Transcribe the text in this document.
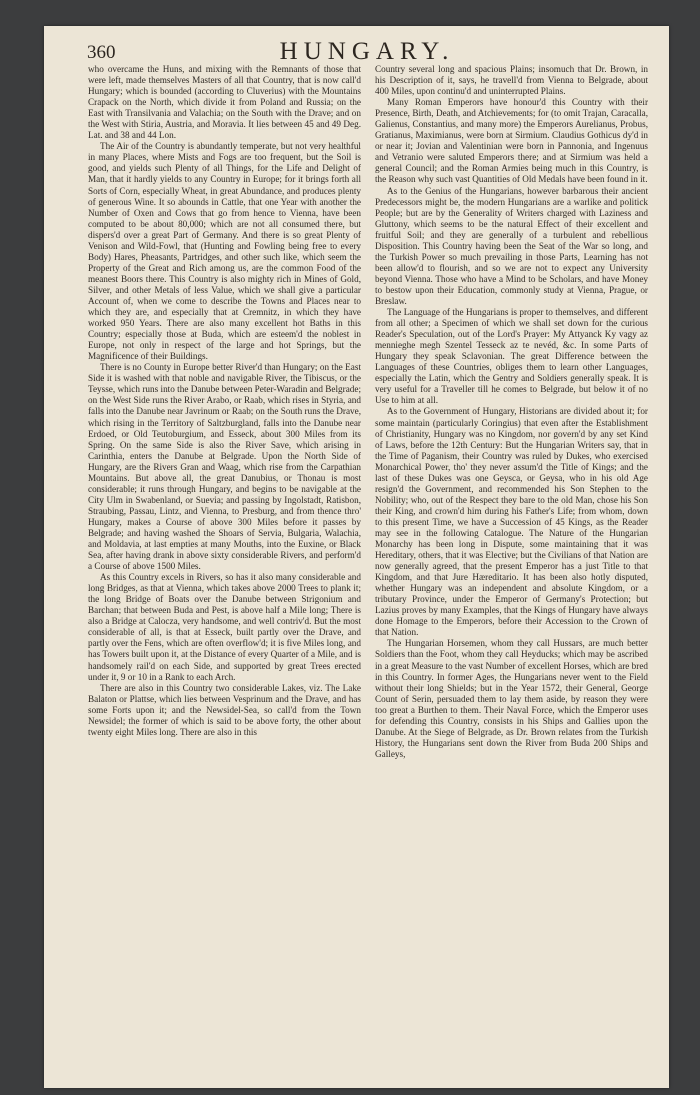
360	HUNGARY.

who overcame the Huns, and mixing with the Remnants of those that were left, made themselves Masters of all that Country, that is now call'd Hungary; which is bounded (according to Cluverius) with the Mountains Crapack on the North, which divide it from Poland and Russia; on the East with Transilvania and Valachia; on the South with the Drave; and on the West with Stiria, Austria, and Moravia. It lies between 45 and 49 Deg. Lat. and 38 and 44 Lon.

The Air of the Country is abundantly temperate, but not very healthful in many Places, where Mists and Fogs are too frequent, but the Soil is good, and yields such Plenty of all Things, for the Life and Delight of Man, that it hardly yields to any Country in Europe; for it brings forth all Sorts of Corn, especially Wheat, in great Abundance, and produces plenty of generous Wine. It so abounds in Cattle, that one Year with another the Number of Oxen and Cows that go from hence to Vienna, have been computed to be about 80,000; which are not all consumed there, but dispers'd over a great Part of Germany. And there is so great Plenty of Venison and Wild-Fowl, that (Hunting and Fowling being free to every Body) Hares, Pheasants, Partridges, and other such like, which seem the Property of the Great and Rich among us, are the common Food of the meanest Boors there. This Country is also mighty rich in Mines of Gold, Silver, and other Metals of less Value, which we shall give a particular Account of, when we come to describe the Towns and Places near to which they are, and especially that at Cremnitz, in which they have worked 950 Years. There are also many excellent hot Baths in this Country; especially those at Buda, which are esteem'd the noblest in Europe, not only in respect of the large and hot Springs, but the Magnificence of their Buildings.

There is no County in Europe better River'd than Hungary; on the East Side it is washed with that noble and navigable River, the Tibiscus, or the Teysse, which runs into the Danube between Peter-Waradin and Belgrade; on the West Side runs the River Arabo, or Raab, which rises in Styria, and falls into the Danube near Javrinum or Raab; on the South runs the Drave, which rising in the Territory of Saltzburgland, falls into the Danube near Erdoed, or Old Teutoburgium, and Esseck, about 300 Miles from its Spring. On the same Side is also the River Save, which arising in Carinthia, enters the Danube at Belgrade. Upon the North Side of Hungary, are the Rivers Gran and Waag, which rise from the Carpathian Mountains. But above all, the great Danubius, or Thonau is most considerable; it runs through Hungary, and begins to be navigable at the City Ulm in Swabenland, or Suevia; and passing by Ingolstadt, Ratisbon, Straubing, Passau, Lintz, and Vienna, to Presburg, and from thence thro' Hungary, makes a Course of above 300 Miles before it passes by Belgrade; and having washed the Shoars of Servia, Bulgaria, Walachia, and Moldavia, at last empties at many Mouths, into the Euxine, or Black Sea, after having drank in above sixty considerable Rivers, and perform'd a Course of above 1500 Miles.

As this Country excels in Rivers, so has it also many considerable and long Bridges, as that at Vienna, which takes above 2000 Trees to plank it; the long Bridge of Boats over the Danube between Strigonium and Barchan; that between Buda and Pest, is above half a Mile long; There is also a Bridge at Calocza, very handsome, and well contriv'd. But the most considerable of all, is that at Esseck, built partly over the Drave, and partly over the Fens, which are often overflow'd; it is five Miles long, and has Towers built upon it, at the Distance of every Quarter of a Mile, and is handsomely rail'd on each Side, and supported by great Trees erected under it, 9 or 10 in a Rank to each Arch.

There are also in this Country two considerable Lakes, viz. The Lake Balaton or Plattse, which lies between Vesprinum and the Drave, and has some Forts upon it; and the Newsidel-Sea, so call'd from the Town Newsidel; the former of which is said to be above forty, the other about twenty eight Miles long. There are also in this

Country several long and spacious Plains; insomuch that Dr. Brown, in his Description of it, says, he travell'd from Vienna to Belgrade, about 400 Miles, upon continu'd and uninterrupted Plains.

Many Roman Emperors have honour'd this Country with their Presence, Birth, Death, and Atchievements; for (to omit Trajan, Caracalla, Galienus, Constantius, and many more) the Emperors Aurelianus, Probus, Gratianus, Maximianus, were born at Sirmium. Claudius Gothicus dy'd in or near it; Jovian and Valentinian were born in Pannonia, and Ingenuus and Vetranio were saluted Emperors there; and at Sirmium was held a general Council; and the Roman Armies being much in this Country, is the Reason why such vast Quantities of Old Medals have been found in it.

As to the Genius of the Hungarians, however barbarous their ancient Predecessors might be, the modern Hungarians are a warlike and politick People; but are by the Generality of Writers charged with Laziness and Gluttony, which seems to be the natural Effect of their excellent and fruitful Soil; and they are generally of a turbulent and rebellious Disposition. This Country having been the Seat of the War so long, and the Turkish Power so much prevailing in those Parts, Learning has not been allow'd to flourish, and so we are not to expect any University beyond Vienna. Those who have a Mind to be Scholars, and have Money to bestow upon their Education, commonly study at Vienna, Prague, or Breslaw.

The Language of the Hungarians is proper to themselves, and different from all other; a Specimen of which we shall set down for the curious Reader's Speculation, out of the Lord's Prayer: My Attyanck Ky vagy az mennieghe megh Szentel Tesseck az te nevéd, &c. In some Parts of Hungary they speak Sclavonian. The great Difference between the Languages of these Countries, obliges them to learn other Languages, especially the Latin, which the Gentry and Soldiers generally speak. It is very useful for a Traveller till he comes to Belgrade, but below it of no Use to him at all.

As to the Government of Hungary, Historians are divided about it; for some maintain (particularly Coringius) that even after the Establishment of Christianity, Hungary was no Kingdom, nor govern'd by any set Kind of Laws, before the 12th Century: But the Hungarian Writers say, that in the Time of Paganism, their Country was ruled by Dukes, who exercised Monarchical Power, tho' they never assum'd the Title of Kings; and the last of these Dukes was one Geysca, or Geysa, who in his old Age resign'd the Government, and recommended his Son Stephen to the Nobility; who, out of the Respect they bare to the old Man, chose his Son their King, and crown'd him during his Father's Life; from whom, down to this present Time, we have a Succession of 45 Kings, as the Reader may see in the following Catalogue. The Nature of the Hungarian Monarchy has been long in Dispute, some maintaining that it was Hereditary, others, that it was Elective; but the Civilians of that Nation are now generally agreed, that the present Emperor has a just Title to that Kingdom, and that Jure Hæreditario. It has been also hotly disputed, whether Hungary was an independent and absolute Kingdom, or a tributary Province, under the Emperor of Germany's Protection; but Lazius proves by many Examples, that the Kings of Hungary have always done Homage to the Emperors, before their Accession to the Crown of that Nation.

The Hungarian Horsemen, whom they call Hussars, are much better Soldiers than the Foot, whom they call Heyducks; which may be ascribed in a great Measure to the vast Number of excellent Horses, which are bred in this Country. In former Ages, the Hungarians never went to the Field without their long Shields; but in the Year 1572, their General, George Count of Serin, persuaded them to lay them aside, by reason they were too great a Burthen to them. Their Naval Force, which the Emperor uses for defending this Country, consists in his Ships and Gallies upon the Danube. At the Siege of Belgrade, as Dr. Brown relates from the Turkish History, the Hungarians sent down the River from Buda 200 Ships and Galleys,
